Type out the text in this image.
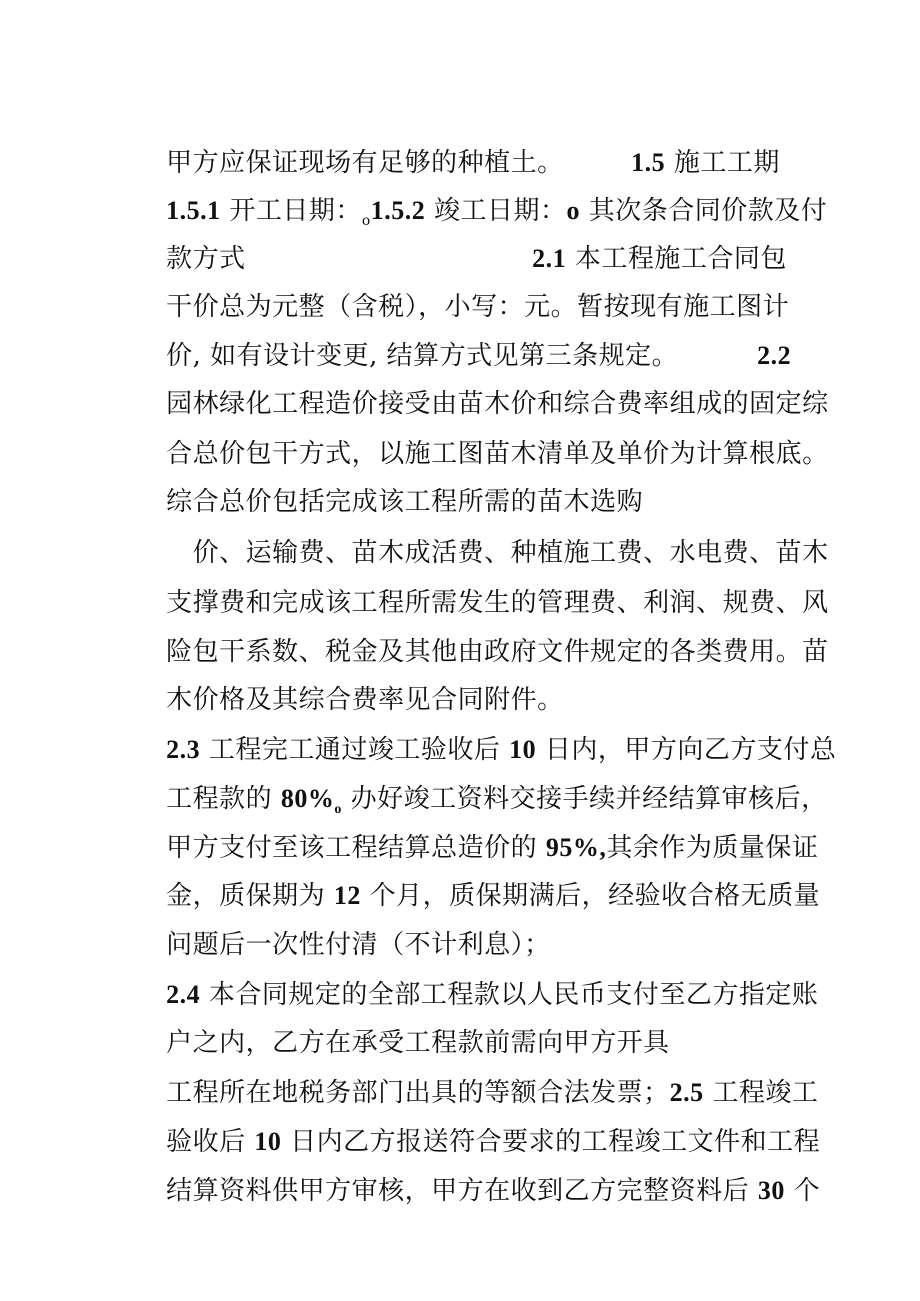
甲方应保证现场有足够的种植土。
	1.5 施工工期

1.5.1 开工日期：$_o$1.5.2 竣工日期：o 其次条合同价款及付

款方式
	2.1 本工程施工合同包

干价总为元整（含税），小写：元。暂按现有施工图计

价, 如有设计变更, 结算方式见第三条规定。
	2.2

园林绿化工程造价接受由苗木价和综合费率组成的固定综

合总价包干方式，以施工图苗木清单及单价为计算根底。

综合总价包括完成该工程所需的苗木选购

　价、运输费、苗木成活费、种植施工费、水电费、苗木

支撑费和完成该工程所需发生的管理费、利润、规费、风

险包干系数、税金及其他由政府文件规定的各类费用。苗

木价格及其综合费率见合同附件。

2.3 工程完工通过竣工验收后 10 日内，甲方向乙方支付总

工程款的 $80\%_o$ 办好竣工资料交接手续并经结算审核后，

甲方支付至该工程结算总造价的 95%,其余作为质量保证

金，质保期为 12 个月，质保期满后，经验收合格无质量

问题后一次性付清（不计利息）；

2.4 本合同规定的全部工程款以人民币支付至乙方指定账

户之内，乙方在承受工程款前需向甲方开具

工程所在地税务部门出具的等额合法发票；2.5 工程竣工

验收后 10 日内乙方报送符合要求的工程竣工文件和工程

结算资料供甲方审核，甲方在收到乙方完整资料后 30 个
